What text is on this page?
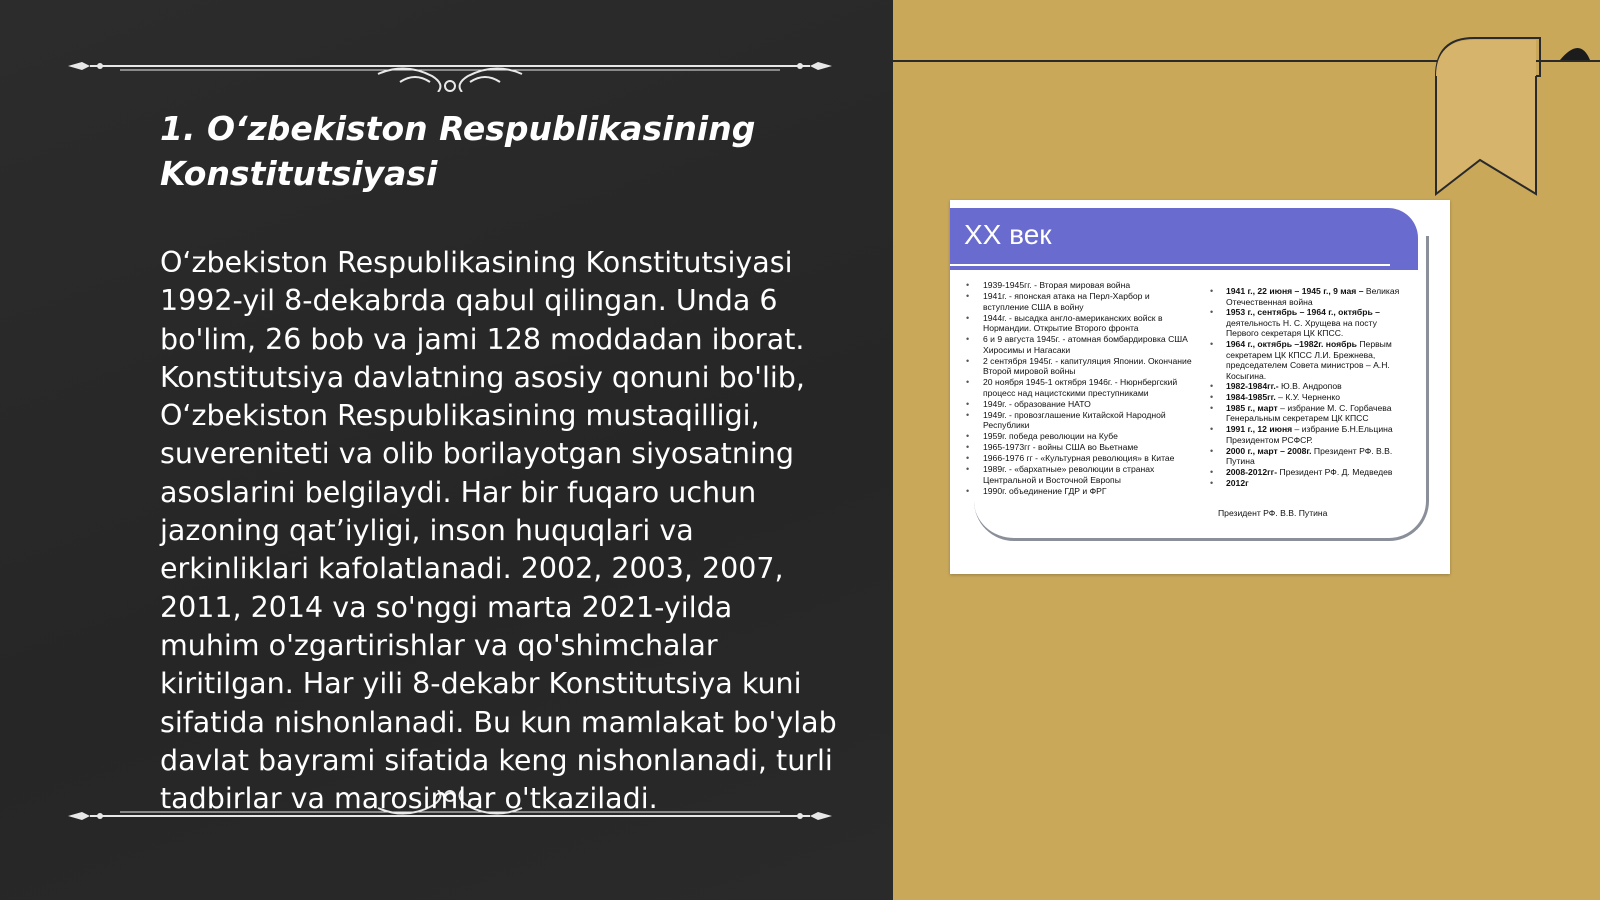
1. O‘zbekiston Respublikasining Konstitutsiyasi

O‘zbekiston Respublikasining Konstitutsiyasi 1992-yil 8-dekabrda qabul qilingan. Unda 6 bo'lim, 26 bob va jami 128 moddadan iborat. Konstitutsiya davlatning asosiy qonuni bo'lib, O‘zbekiston Respublikasining mustaqilligi, suvereniteti va olib borilayotgan siyosatning asoslarini belgilaydi. Har bir fuqaro uchun jazoning qat’iyligi, inson huquqlari va erkinliklari kafolatlanadi. 2002, 2003, 2007, 2011, 2014 va so'nggi marta 2021-yilda muhim o'zgartirishlar va qo'shimchalar kiritilgan. Har yili 8-dekabr Konstitutsiya kuni sifatida nishonlanadi. Bu kun mamlakat bo'ylab davlat bayrami sifatida keng nishonlanadi, turli tadbirlar va marosimlar o'tkaziladi.

XX век
• 1939-1945гг. - Вторая мировая война
• 1941г. - японская атака на Перл-Харбор и вступление США в войну
• 1944г. - высадка англо-американских войск в Нормандии. Открытие Второго фронта
• 6 и 9 августа 1945г. - атомная бомбардировка США Хиросимы и Нагасаки
• 2 сентября 1945г. - капитуляция Японии. Окончание Второй мировой войны
• 20 ноября 1945-1 октября 1946г. - Нюрнбергский процесс над нацистскими преступниками
• 1949г. - образование НАТО
• 1949г. - провозглашение Китайской Народной Республики
• 1959г. победа революции на Кубе
• 1965-1973гг - войны США во Вьетнаме
• 1966-1976 гг - «Культурная революция» в Китае
• 1989г. - «бархатные» революции в странах Центральной и Восточной Европы
• 1990г. объединение ГДР и ФРГ
• 1941 г., 22 июня – 1945 г., 9 мая – Великая Отечественная война
• 1953 г., сентябрь – 1964 г., октябрь – деятельность Н. С. Хрущева на посту Первого секретаря ЦК КПСС.
• 1964 г., октябрь –1982г. ноябрь Первым секретарем ЦК КПСС Л.И. Брежнева, председателем Совета министров – А.Н. Косыгина.
• 1982-1984гг.- Ю.В. Андропов
• 1984-1985гг. – К.У. Черненко
• 1985 г., март – избрание М. С. Горбачева Генеральным секретарем ЦК КПСС
• 1991 г., 12 июня – избрание Б.Н.Ельцина Президентом РСФСР.
• 2000 г., март – 2008г. Президент РФ. В.В. Путина
• 2008-2012гг- Президент РФ. Д. Медведев
• 2012г
Президент РФ. В.В. Путина
